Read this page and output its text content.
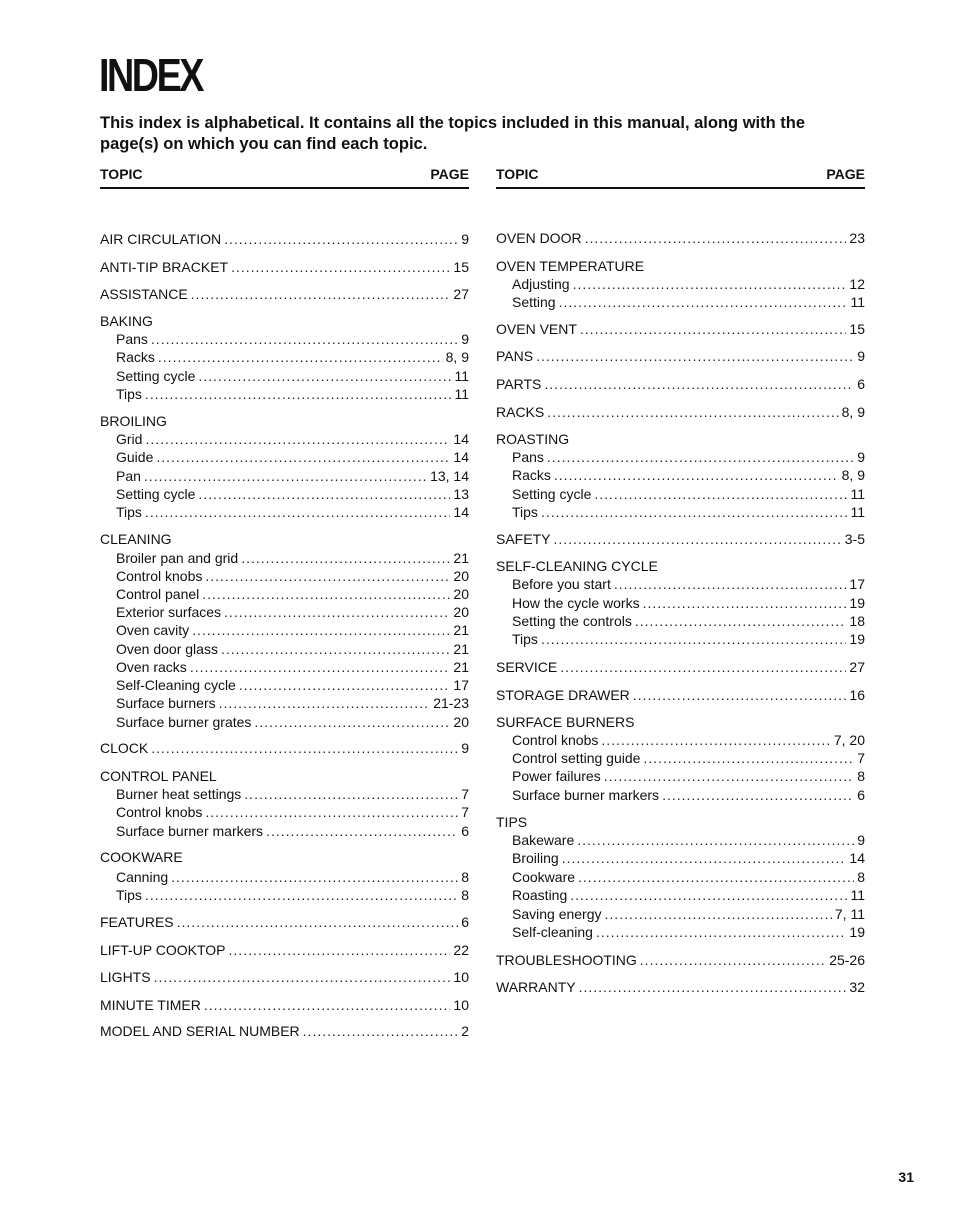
INDEX
This index is alphabetical. It contains all the topics included in this manual, along with the page(s) on which you can find each topic.
TOPIC	PAGE
AIR CIRCULATION .....	9
ANTI-TIP BRACKET .....	15
ASSISTANCE .....	27
BAKING
Pans .....	9
Racks .....	8, 9
Setting cycle .....	11
Tips .....	11
BROILING
Grid .....	14
Guide .....	14
Pan .....	13, 14
Setting cycle .....	13
Tips .....	14
CLEANING
Broiler pan and grid .....	21
Control knobs .....	20
Control panel .....	20
Exterior surfaces .....	20
Oven cavity .....	21
Oven door glass .....	21
Oven racks .....	21
Self-Cleaning cycle .....	17
Surface burners .....	21-23
Surface burner grates .....	20
CLOCK .....	9
CONTROL PANEL
Burner heat settings .....	7
Control knobs .....	7
Surface burner markers .....	6
COOKWARE
Canning .....	8
Tips .....	8
FEATURES .....	6
LIFT-UP COOKTOP .....	22
LIGHTS .....	10
MINUTE TIMER .....	10
MODEL AND SERIAL NUMBER .....	2
TOPIC	PAGE
OVEN DOOR .....	23
OVEN TEMPERATURE
Adjusting .....	12
Setting .....	11
OVEN VENT .....	15
PANS .....	9
PARTS .....	6
RACKS .....	8, 9
ROASTING
Pans .....	9
Racks .....	8, 9
Setting cycle .....	11
Tips .....	11
SAFETY .....	3-5
SELF-CLEANING CYCLE
Before you start .....	17
How the cycle works .....	19
Setting the controls .....	18
Tips .....	19
SERVICE .....	27
STORAGE DRAWER .....	16
SURFACE BURNERS
Control knobs .....	7, 20
Control setting guide .....	7
Power failures .....	8
Surface burner markers .....	6
TIPS
Bakeware .....	9
Broiling .....	14
Cookware .....	8
Roasting .....	11
Saving energy .....	7, 11
Self-cleaning .....	19
TROUBLESHOOTING .....	25-26
WARRANTY .....	32
31
